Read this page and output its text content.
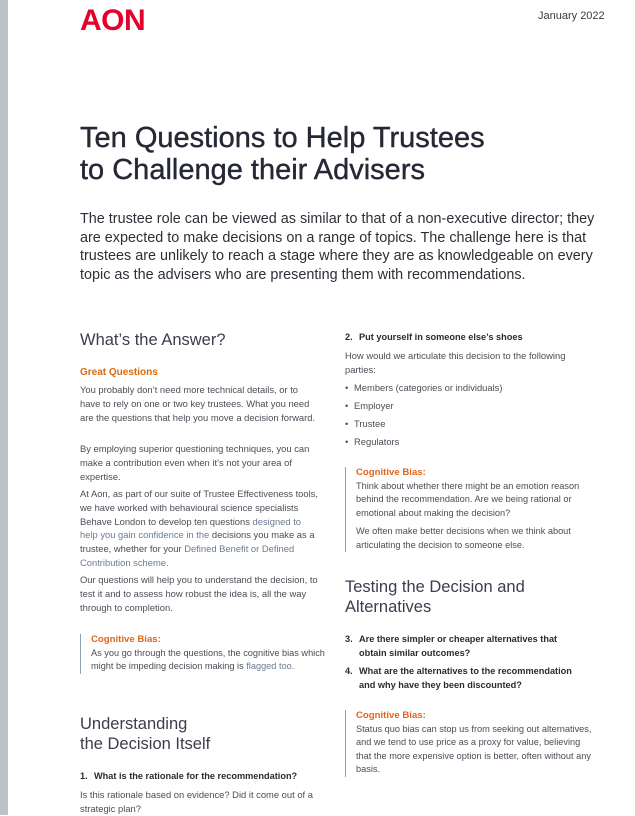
AON	January 2022
Ten Questions to Help Trustees
to Challenge their Advisers

The trustee role can be viewed as similar to that of a non-executive director; they are expected to make decisions on a range of topics. The challenge here is that trustees are unlikely to reach a stage where they are as knowledgeable on every topic as the advisers who are presenting them with recommendations.

What’s the Answer?
Great Questions

You probably don’t need more technical details, or to have to rely on one or two key trustees. What you need are the questions that help you move a decision forward.

By employing superior questioning techniques, you can make a contribution even when it’s not your area of expertise.

At Aon, as part of our suite of Trustee Effectiveness tools, we have worked with behavioural science specialists Behave London to develop ten questions designed to help you gain confidence in the decisions you make as a trustee, whether for your Defined Benefit or Defined Contribution scheme.

Our questions will help you to understand the decision, to test it and to assess how robust the idea is, all the way through to completion.

Cognitive Bias:

As you go through the questions, the cognitive bias which might be impeding decision making is flagged too.

Understanding
the Decision Itself

1. What is the rationale for the recommendation?

Is this rationale based on evidence? Did it come out of a strategic plan?

2. Put yourself in someone else’s shoes

How would we articulate this decision to the following parties:

• Members (categories or individuals)
• Employer
• Trustee
• Regulators

Cognitive Bias:

Think about whether there might be an emotion reason behind the recommendation. Are we being rational or emotional about making the decision?

We often make better decisions when we think about articulating the decision to someone else.

Testing the Decision and
Alternatives

3. Are there simpler or cheaper alternatives that
obtain similar outcomes?

4. What are the alternatives to the recommendation
and why have they been discounted?

Cognitive Bias:

Status quo bias can stop us from seeking out alternatives, and we tend to use price as a proxy for value, believing that the more expensive option is better, often without any basis.
